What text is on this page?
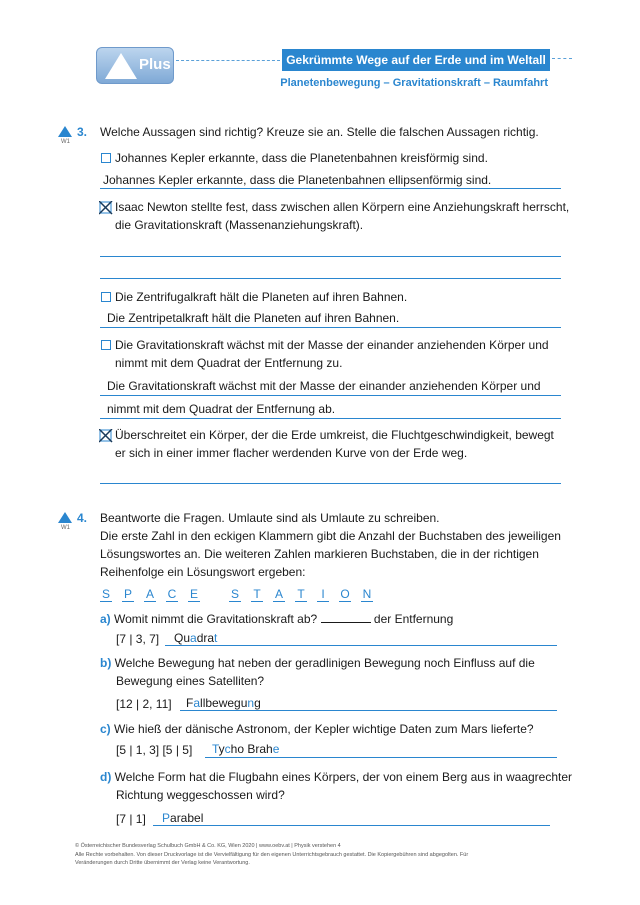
Plus	Gekrümmte Wege auf der Erde und im Weltall
Planetenbewegung – Gravitationskraft – Raumfahrt
W1
3. Welche Aussagen sind richtig? Kreuze sie an. Stelle die falschen Aussagen richtig.
Johannes Kepler erkannte, dass die Planetenbahnen kreisförmig sind.
Johannes Kepler erkannte, dass die Planetenbahnen ellipsenförmig sind.
Isaac Newton stellte fest, dass zwischen allen Körpern eine Anziehungskraft herrscht,
die Gravitationskraft (Massenanziehungskraft).
Die Zentrifugalkraft hält die Planeten auf ihren Bahnen.
Die Zentripetalkraft hält die Planeten auf ihren Bahnen.
Die Gravitationskraft wächst mit der Masse der einander anziehenden Körper und
nimmt mit dem Quadrat der Entfernung zu.
Die Gravitationskraft wächst mit der Masse der einander anziehenden Körper und
nimmt mit dem Quadrat der Entfernung ab.
Überschreitet ein Körper, der die Erde umkreist, die Fluchtgeschwindigkeit, bewegt
er sich in einer immer flacher werdenden Kurve von der Erde weg.
W1
4. Beantworte die Fragen. Umlaute sind als Umlaute zu schreiben.
Die erste Zahl in den eckigen Klammern gibt die Anzahl der Buchstaben des jeweiligen
Lösungswortes an. Die weiteren Zahlen markieren Buchstaben, die in der richtigen
Reihenfolge ein Lösungswort ergeben:
S P A C E	S T A T	I	O N
a) Womit nimmt die Gravitationskraft ab?	der Entfernung
[7 | 3, 7] Quadrat
b) Welche Bewegung hat neben der geradlinigen Bewegung noch Einfluss auf die
Bewegung eines Satelliten?
[12 | 2, 11] Fallbewegung
c) Wie hieß der dänische Astronom, der Kepler wichtige Daten zum Mars lieferte?
[5 | 1, 3] [5 | 5] Tycho Brahe
d) Welche Form hat die Flugbahn eines Körpers, der von einem Berg aus in waagrechter
Richtung weggeschossen wird?
[7 | 1] Parabel
© Österreichischer Bundesverlag Schulbuch GmbH & Co. KG, Wien 2020 | www.oebv.at | Physik verstehen 4
Alle Rechte vorbehalten. Von dieser Druckvorlage ist die Vervielfältigung für den eigenen Unterrichtsgebrauch gestattet. Die Kopiergebühren sind abgegolten. Für
Veränderungen durch Dritte übernimmt der Verlag keine Verantwortung.
